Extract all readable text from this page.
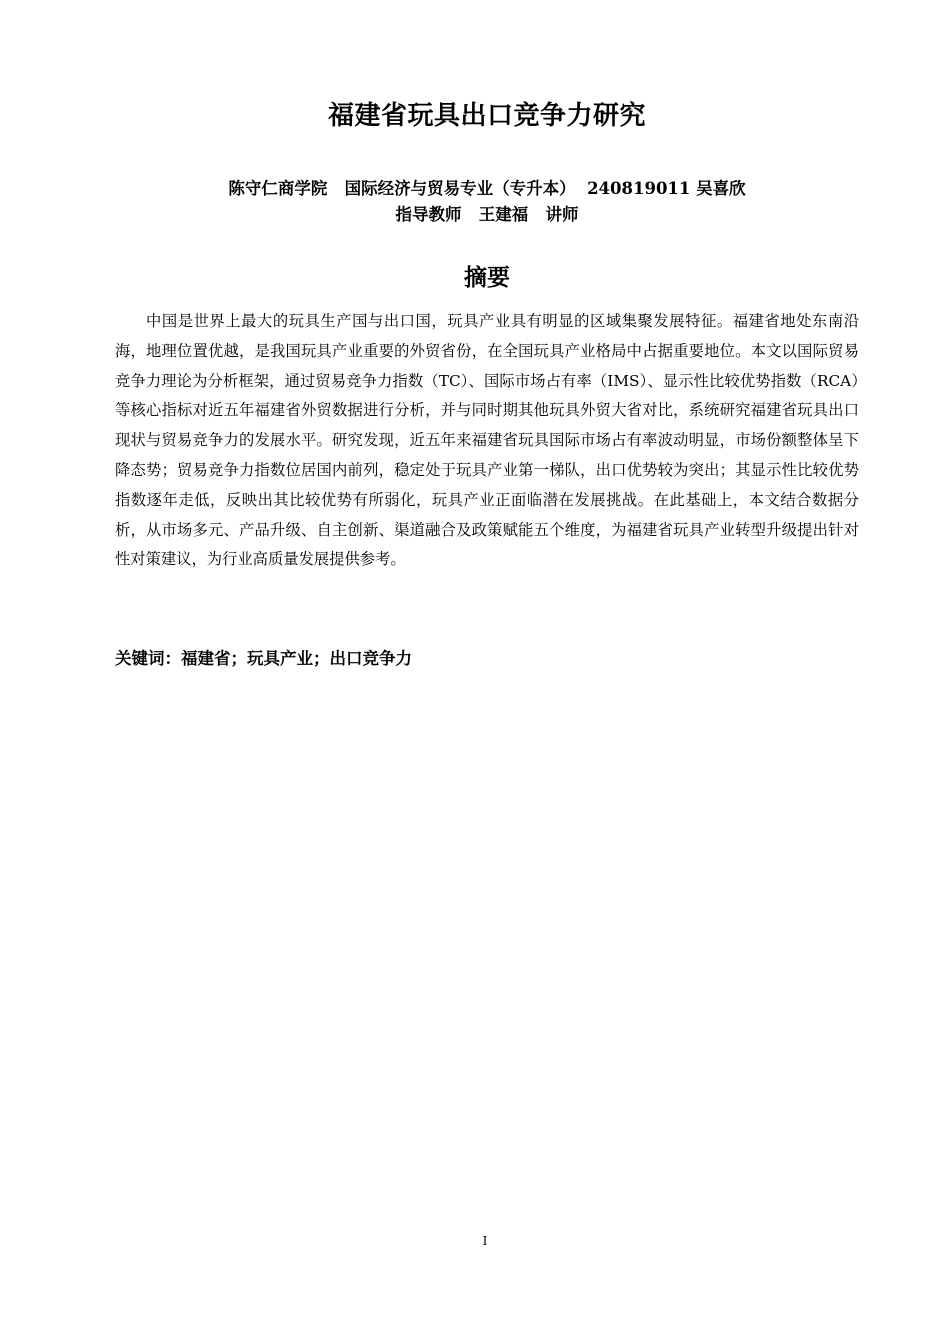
福建省玩具出口竞争力研究
陈守仁商学院   国际经济与贸易专业（专升本）  240819011 吴喜欣
指导教师   王建福   讲师
摘要

中国是世界上最大的玩具生产国与出口国，玩具产业具有明显的区域集聚发展特征。福建省地处东南沿海，地理位置优越，是我国玩具产业重要的外贸省份，在全国玩具产业格局中占据重要地位。本文以国际贸易竞争力理论为分析框架，通过贸易竞争力指数（TC）、国际市场占有率（IMS）、显示性比较优势指数（RCA）等核心指标对近五年福建省外贸数据进行分析，并与同时期其他玩具外贸大省对比，系统研究福建省玩具出口现状与贸易竞争力的发展水平。研究发现，近五年来福建省玩具国际市场占有率波动明显，市场份额整体呈下降态势；贸易竞争力指数位居国内前列，稳定处于玩具产业第一梯队，出口优势较为突出；其显示性比较优势指数逐年走低，反映出其比较优势有所弱化，玩具产业正面临潜在发展挑战。在此基础上，本文结合数据分析，从市场多元、产品升级、自主创新、渠道融合及政策赋能五个维度，为福建省玩具产业转型升级提出针对性对策建议，为行业高质量发展提供参考。

关键词：福建省；玩具产业；出口竞争力
I
